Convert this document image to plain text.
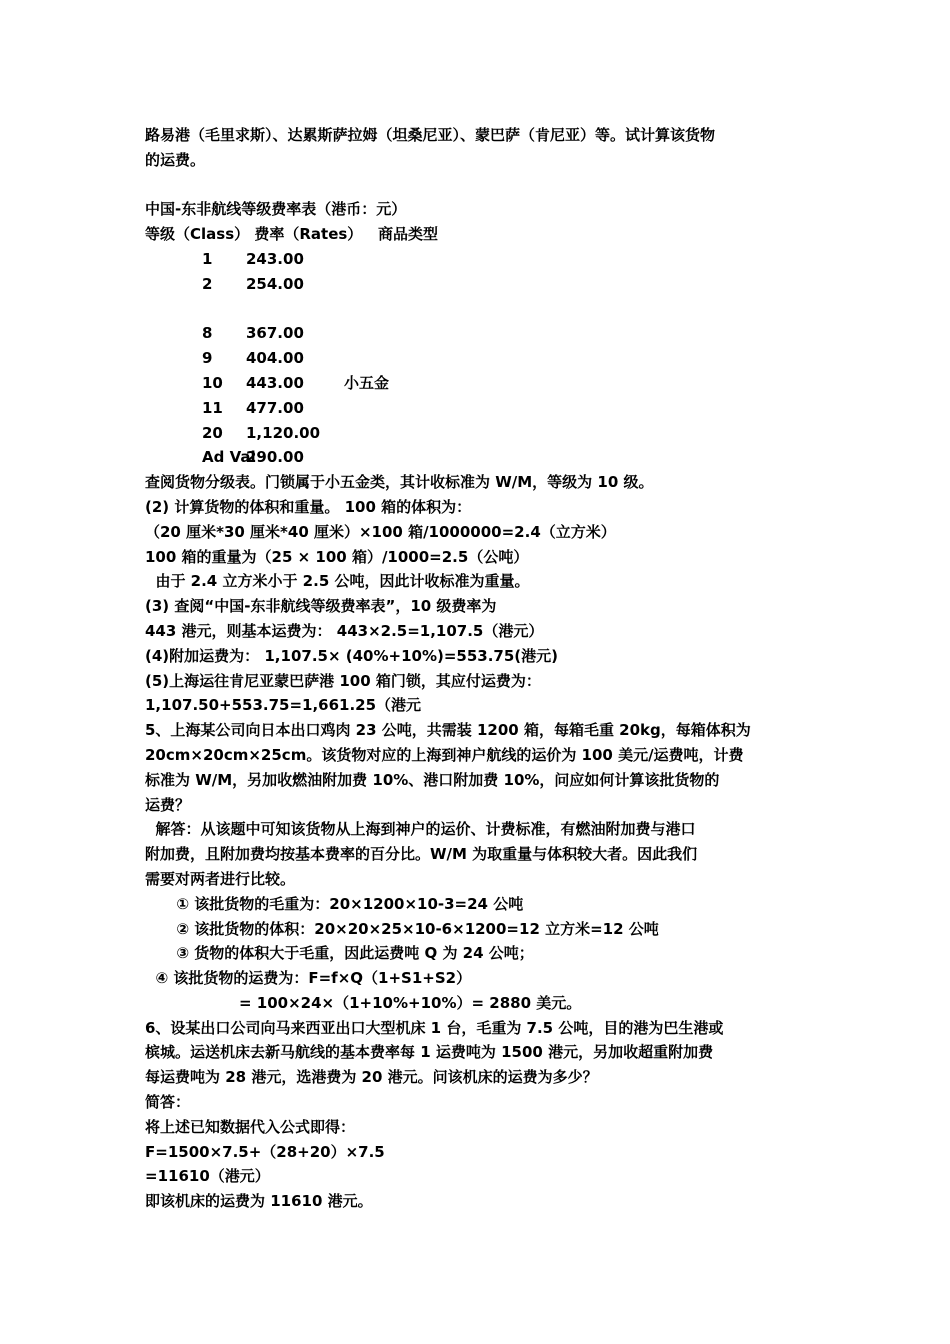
路易港（毛里求斯）、达累斯萨拉姆（坦桑尼亚）、蒙巴萨（肯尼亚）等。试计算该货物
的运费。
中国-东非航线等级费率表（港币：元）
等级（Class） 费率（Rates）   商品类型
1 243.00
2 254.00
8 367.00
9 404.00
10 443.00	小五金
11 477.00
20 1,120.00
Ad Val
290.00
查阅货物分级表。门锁属于小五金类，其计收标准为 W/M，等级为 10 级。
(2) 计算货物的体积和重量。 100 箱的体积为：
（20 厘米*30 厘米*40 厘米）×100 箱/1000000=2.4（立方米）
100 箱的重量为（25 × 100 箱）/1000=2.5（公吨）
由于 2.4 立方米小于 2.5 公吨，因此计收标准为重量。
(3) 查阅“中国-东非航线等级费率表”，10 级费率为
443 港元，则基本运费为： 443×2.5=1,107.5（港元）
(4)附加运费为： 1,107.5× (40%+10%)=553.75(港元)
(5)上海运往肯尼亚蒙巴萨港 100 箱门锁，其应付运费为：
1,107.50+553.75=1,661.25（港元
5、上海某公司向日本出口鸡肉 23 公吨，共需装 1200 箱，每箱毛重 20kg，每箱体积为
20cm×20cm×25cm。该货物对应的上海到神户航线的运价为 100 美元/运费吨，计费
标准为 W/M，另加收燃油附加费 10%、港口附加费 10%，问应如何计算该批货物的
运费？
解答：从该题中可知该货物从上海到神户的运价、计费标准，有燃油附加费与港口
附加费，且附加费均按基本费率的百分比。W/M 为取重量与体积较大者。因此我们
需要对两者进行比较。
① 该批货物的毛重为：20×1200×10-3=24 公吨
② 该批货物的体积：20×20×25×10-6×1200=12 立方米=12 公吨
③ 货物的体积大于毛重，因此运费吨 Q 为 24 公吨；
④ 该批货物的运费为：F=f×Q（1+S1+S2）
= 100×24×（1+10%+10%）= 2880 美元。
6、设某出口公司向马来西亚出口大型机床 1 台，毛重为 7.5 公吨，目的港为巴生港或
槟城。运送机床去新马航线的基本费率每 1 运费吨为 1500 港元，另加收超重附加费
每运费吨为 28 港元，选港费为 20 港元。问该机床的运费为多少？
简答：
将上述已知数据代入公式即得：
F=1500×7.5+（28+20）×7.5
=11610（港元）
即该机床的运费为 11610 港元。
